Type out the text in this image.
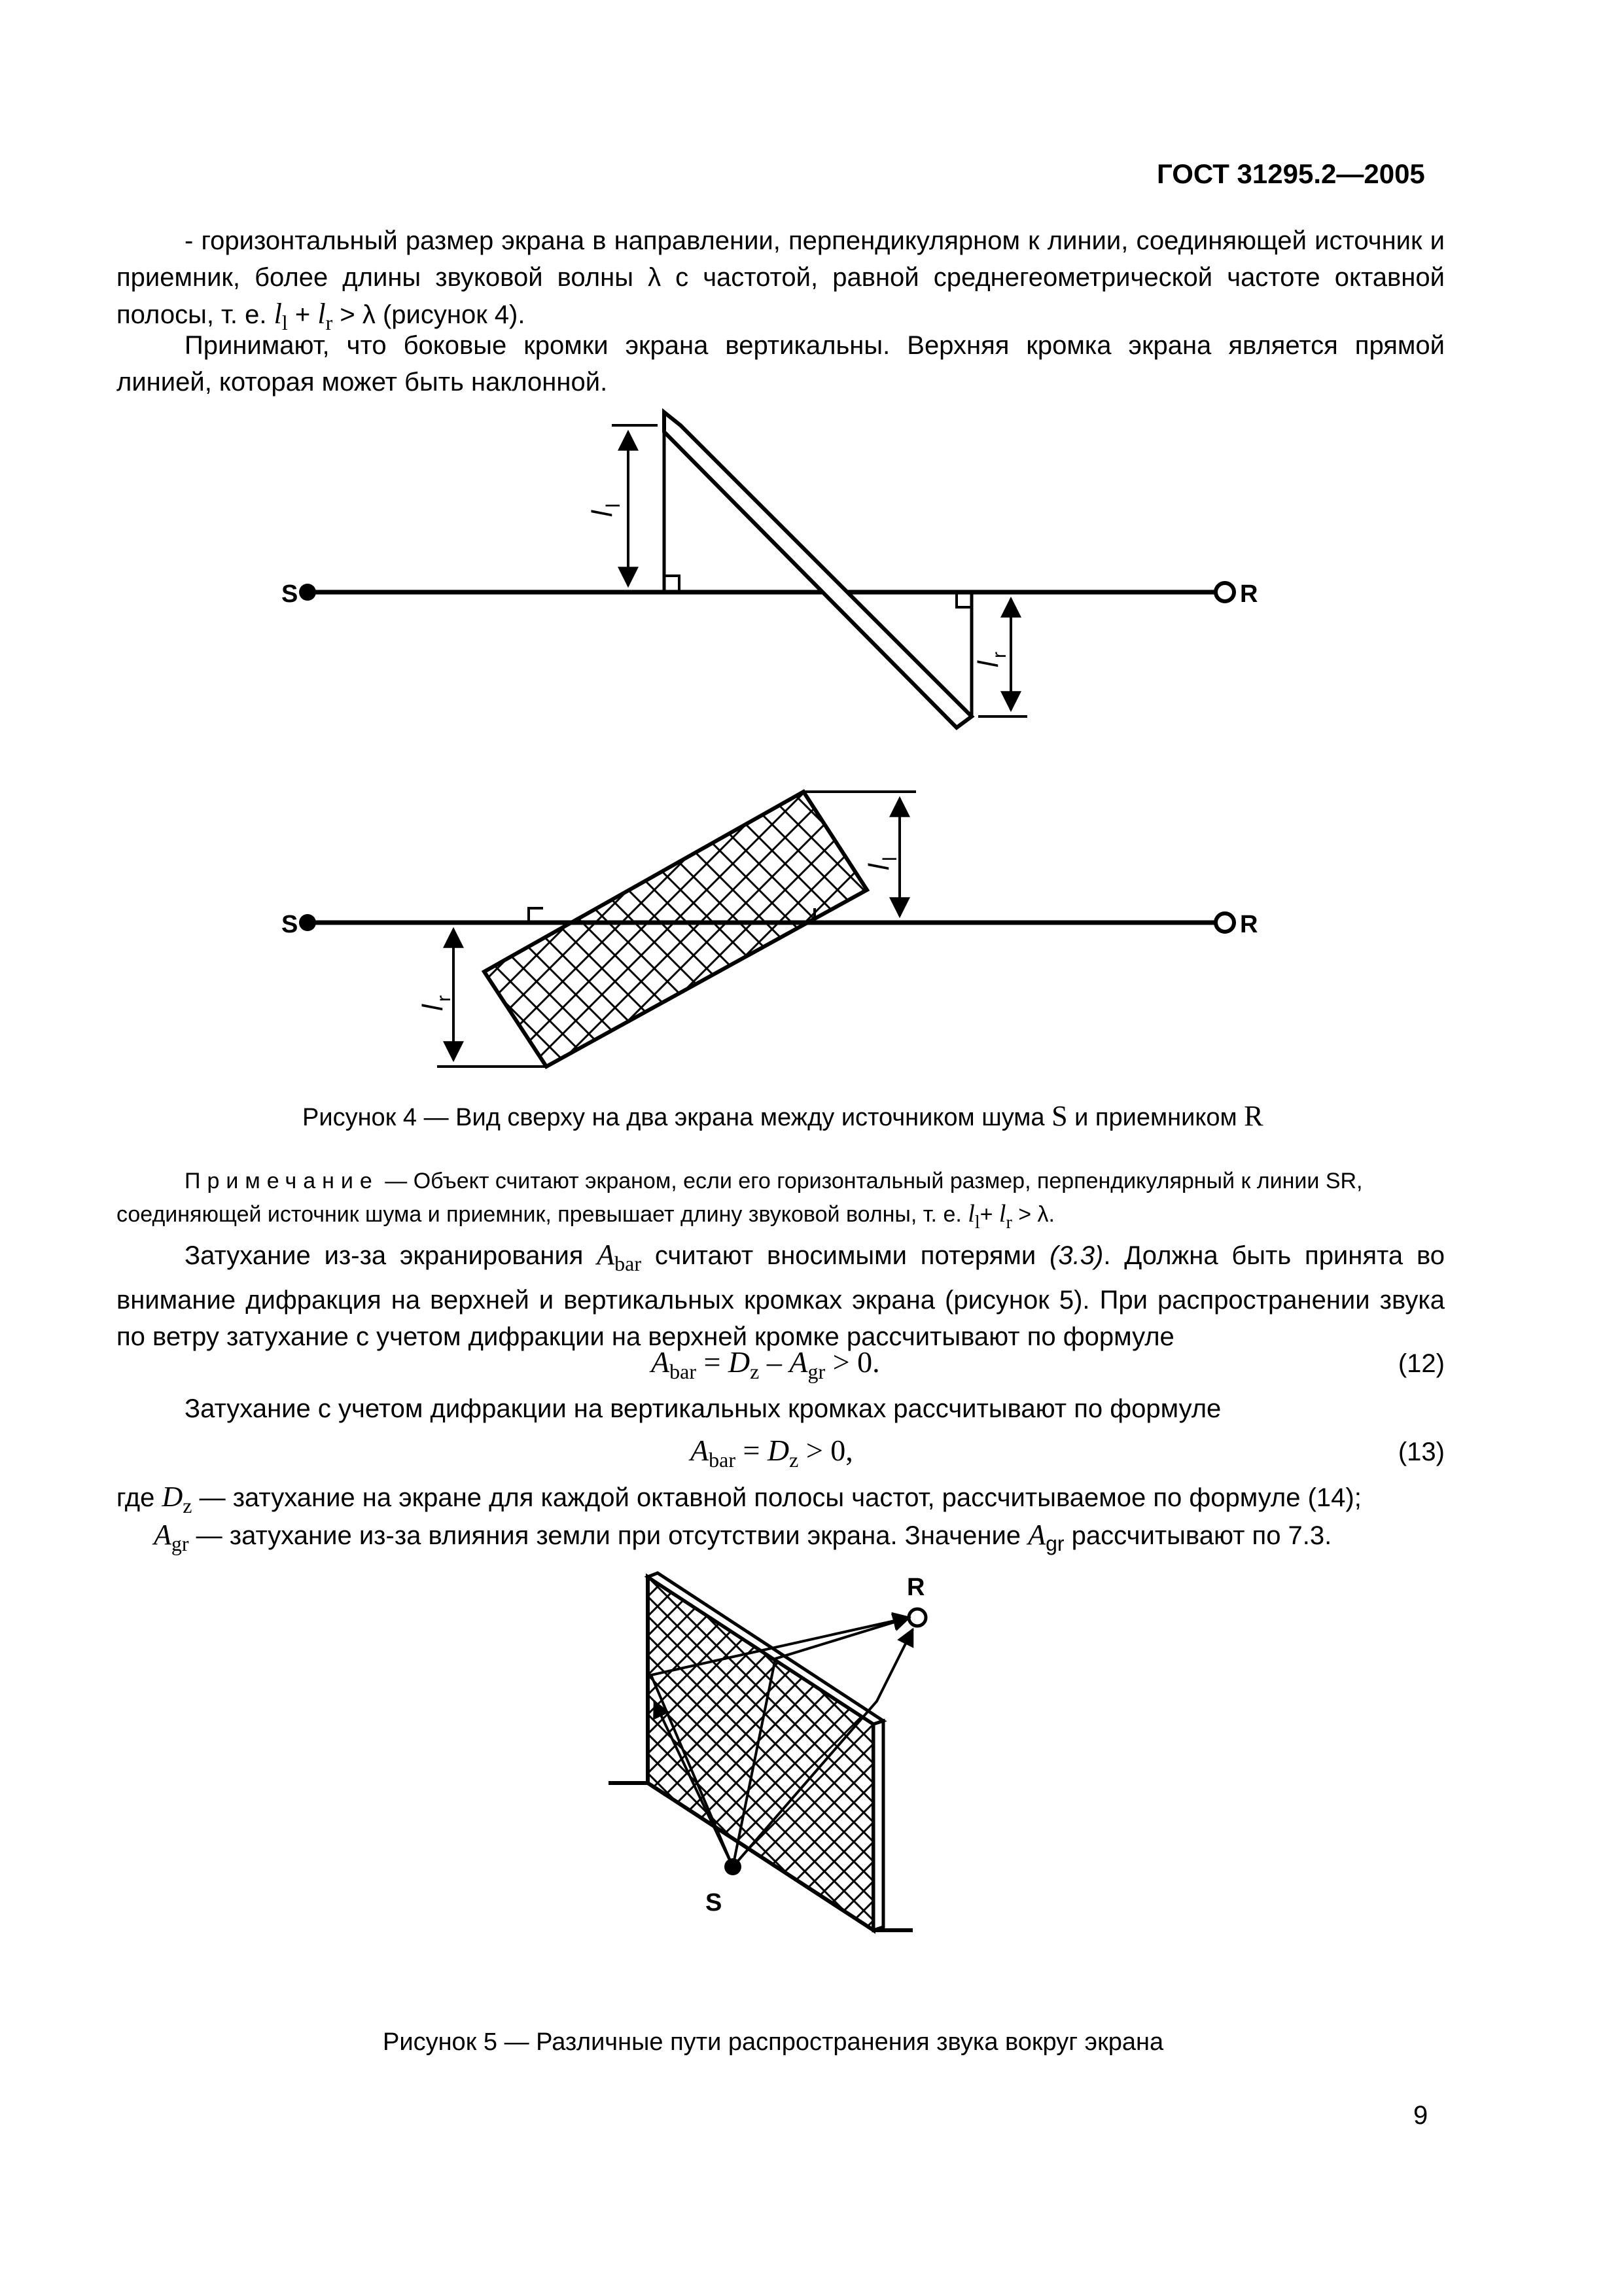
ГОСТ 31295.2—2005

- горизонтальный размер экрана в направлении, перпендикулярном к линии, соединяющей источник и приемник, более длины звуковой волны λ с частотой, равной среднегеометрической частоте октавной полосы, т. е. $l_l + l_r > \lambda$ (рисунок 4).

Принимают, что боковые кромки экрана вертикальны. Верхняя кромка экрана является прямой линией, которая может быть наклонной.

S	R
l
l
l
r
S	R
l
l
l
r
Рисунок 4 — Вид сверху на два экрана между источником шума S и приемником R

Примечание — Объект считают экраном, если его горизонтальный размер, перпендикулярный к линии SR, соединяющей источник шума и приемник, превышает длину звуковой волны, т. е. $l_l+ l_r > \lambda$.

Затухание из-за экранирования $A_{bar}$ считают вносимыми потерями (3.3). Должна быть принята во внимание дифракция на верхней и вертикальных кромках экрана (рисунок 5). При распространении звука по ветру затухание с учетом дифракции на верхней кромке рассчитывают по формуле

$A_{bar} = D_z - A_{gr} > 0$.	(12)

Затухание с учетом дифракции на вертикальных кромках рассчитывают по формуле

$A_{bar} = D_z > 0$,	(13)

где $D_z$ — затухание на экране для каждой октавной полосы частот, рассчитываемое по формуле (14);

$A_{gr}$ — затухание из-за влияния земли при отсутствии экрана. Значение $A_{gr}$ рассчитывают по 7.3.

S
R
Рисунок 5 — Различные пути распространения звука вокруг экрана
9
